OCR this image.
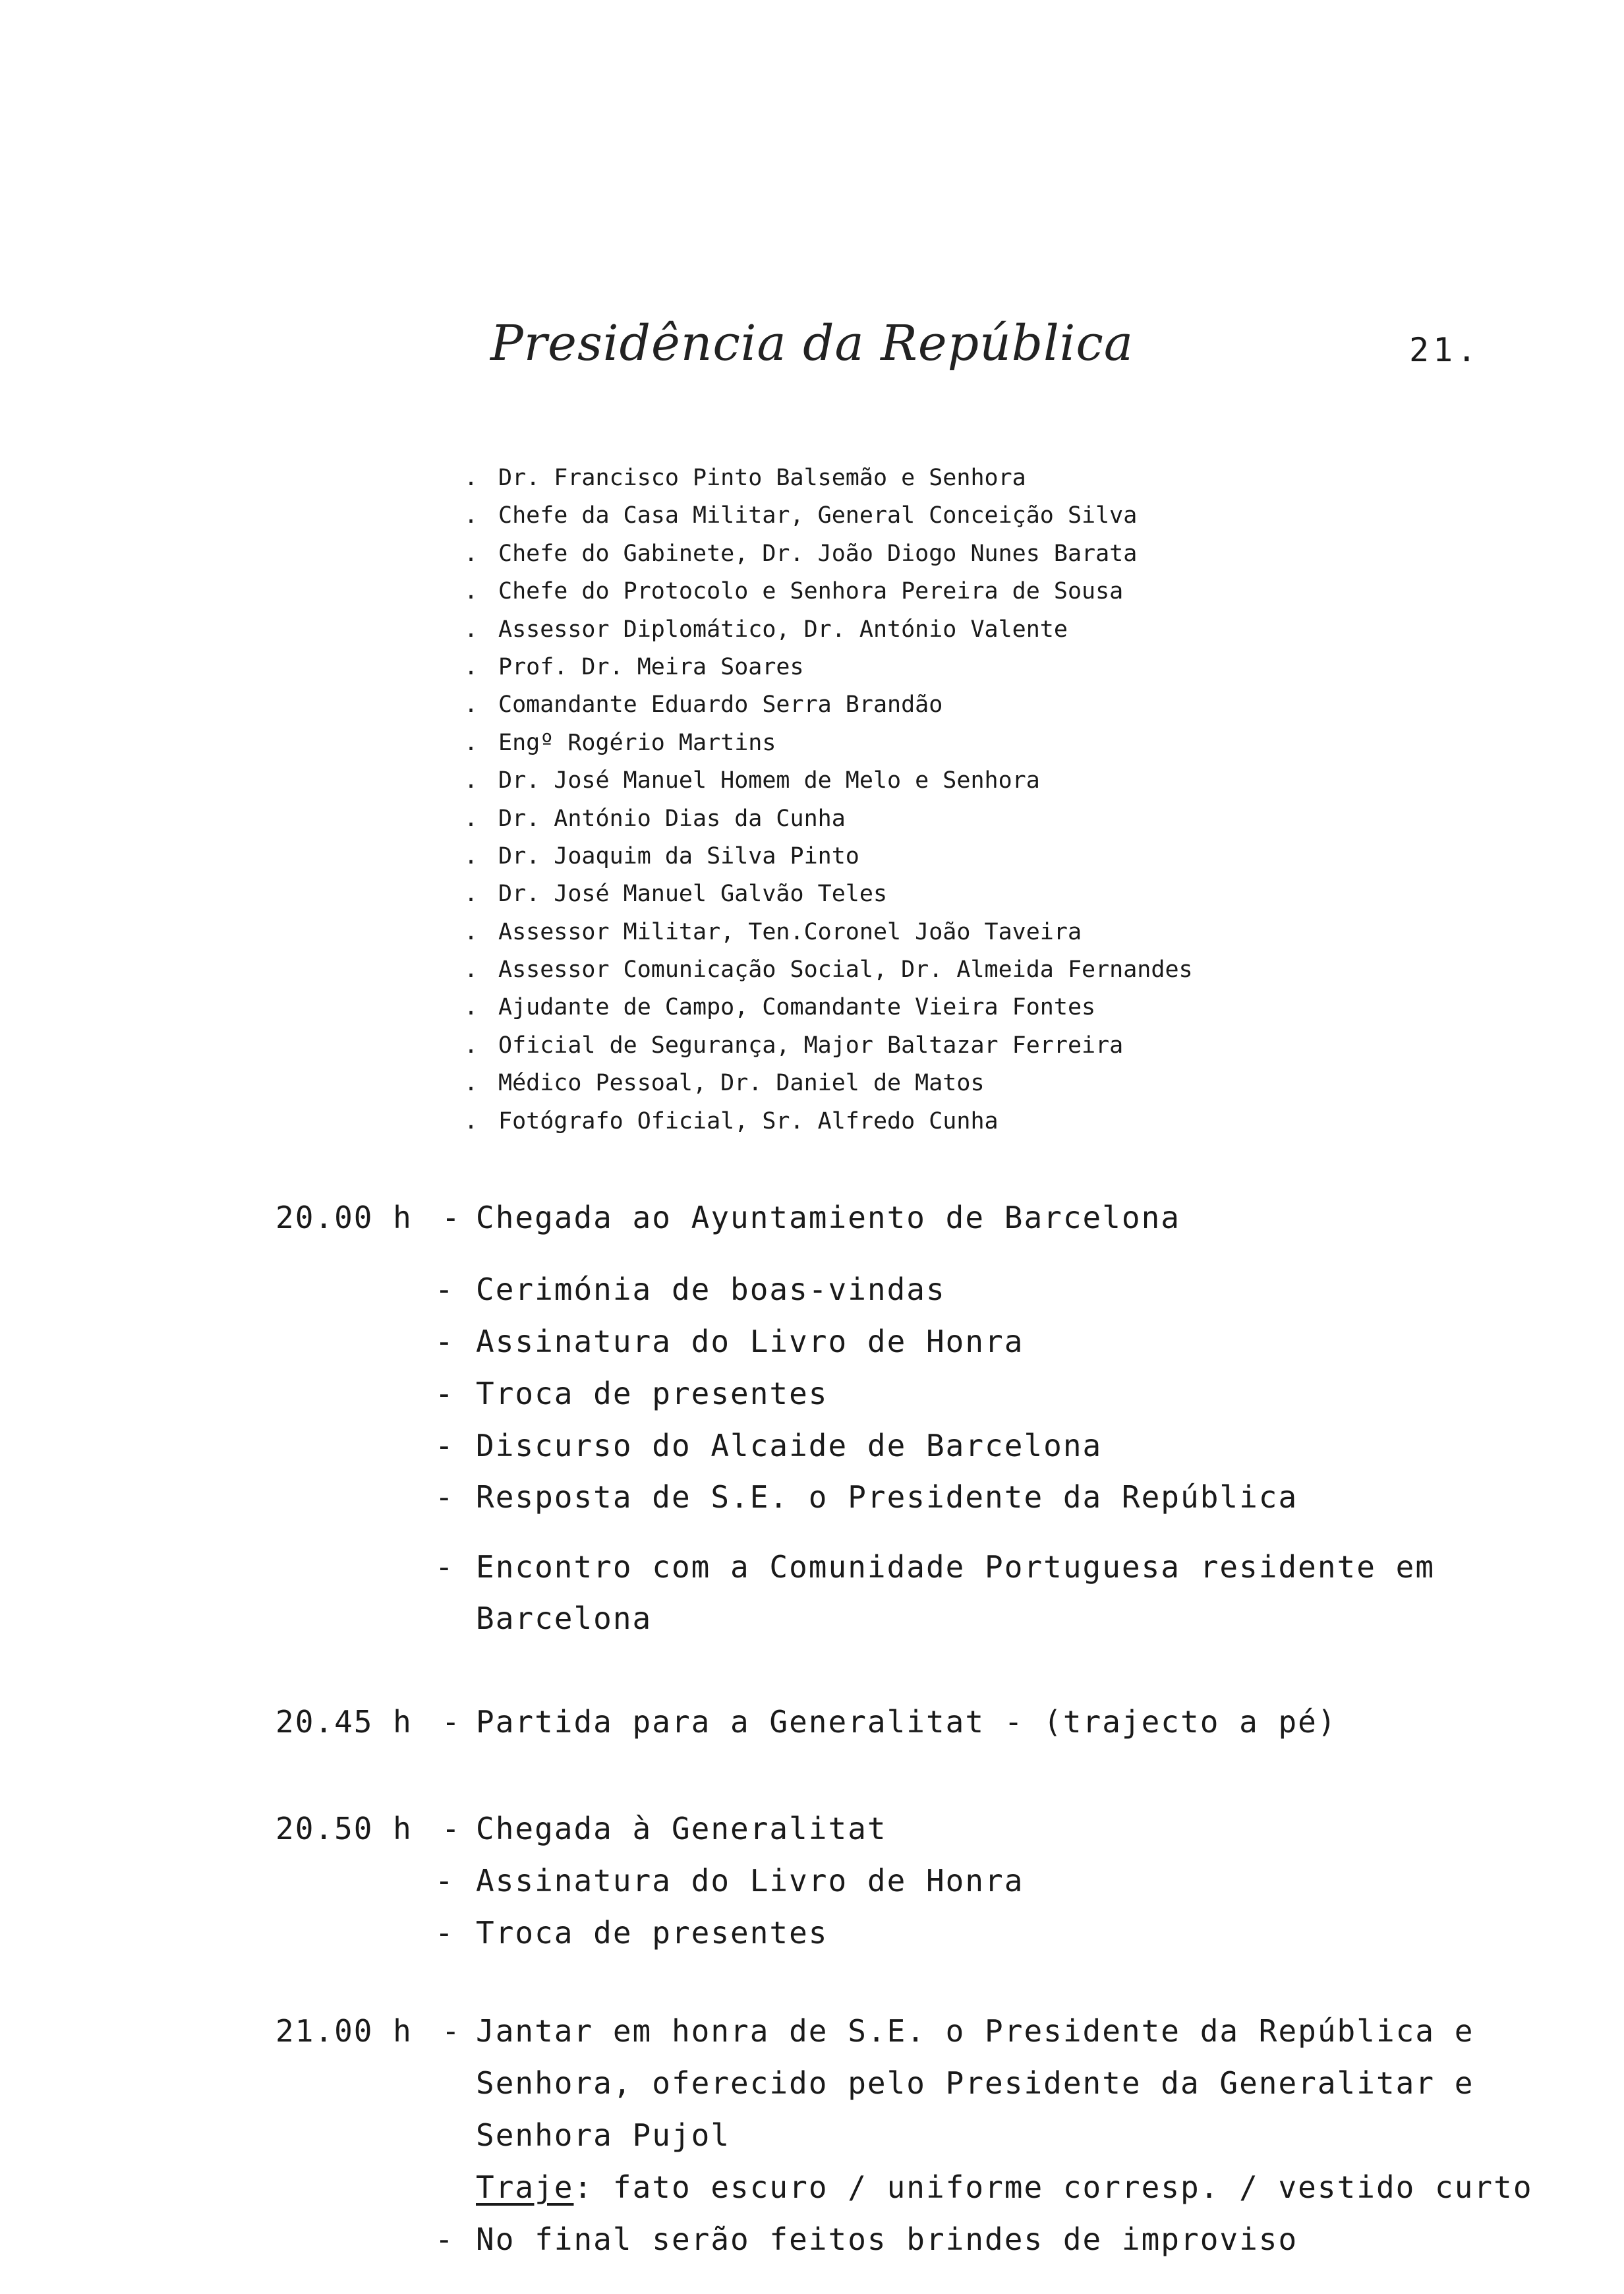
Presidência da República	21.
. Dr. Francisco Pinto Balsemão e Senhora
. Chefe da Casa Militar, General Conceição Silva
. Chefe do Gabinete, Dr. João Diogo Nunes Barata
. Chefe do Protocolo e Senhora Pereira de Sousa
. Assessor Diplomático, Dr. António Valente
. Prof. Dr. Meira Soares
. Comandante Eduardo Serra Brandão
. Engº Rogério Martins
. Dr. José Manuel Homem de Melo e Senhora
. Dr. António Dias da Cunha
. Dr. Joaquim da Silva Pinto
. Dr. José Manuel Galvão Teles
. Assessor Militar, Ten.Coronel João Taveira
. Assessor Comunicação Social, Dr. Almeida Fernandes
. Ajudante de Campo, Comandante Vieira Fontes
. Oficial de Segurança, Major Baltazar Ferreira
. Médico Pessoal, Dr. Daniel de Matos
. Fotógrafo Oficial, Sr. Alfredo Cunha
20.00 h - Chegada ao Ayuntamiento de Barcelona
- Cerimónia de boas-vindas
- Assinatura do Livro de Honra
- Troca de presentes
- Discurso do Alcaide de Barcelona
- Resposta de S.E. o Presidente da República
- Encontro com a Comunidade Portuguesa residente em
Barcelona
20.45 h - Partida para a Generalitat - (trajecto a pé)
20.50 h - Chegada à Generalitat
- Assinatura do Livro de Honra
- Troca de presentes
21.00 h - Jantar em honra de S.E. o Presidente da República e
Senhora, oferecido pelo Presidente da Generalitar e
Senhora Pujol
Traje: fato escuro / uniforme corresp. / vestido curto
- No final serão feitos brindes de improviso
